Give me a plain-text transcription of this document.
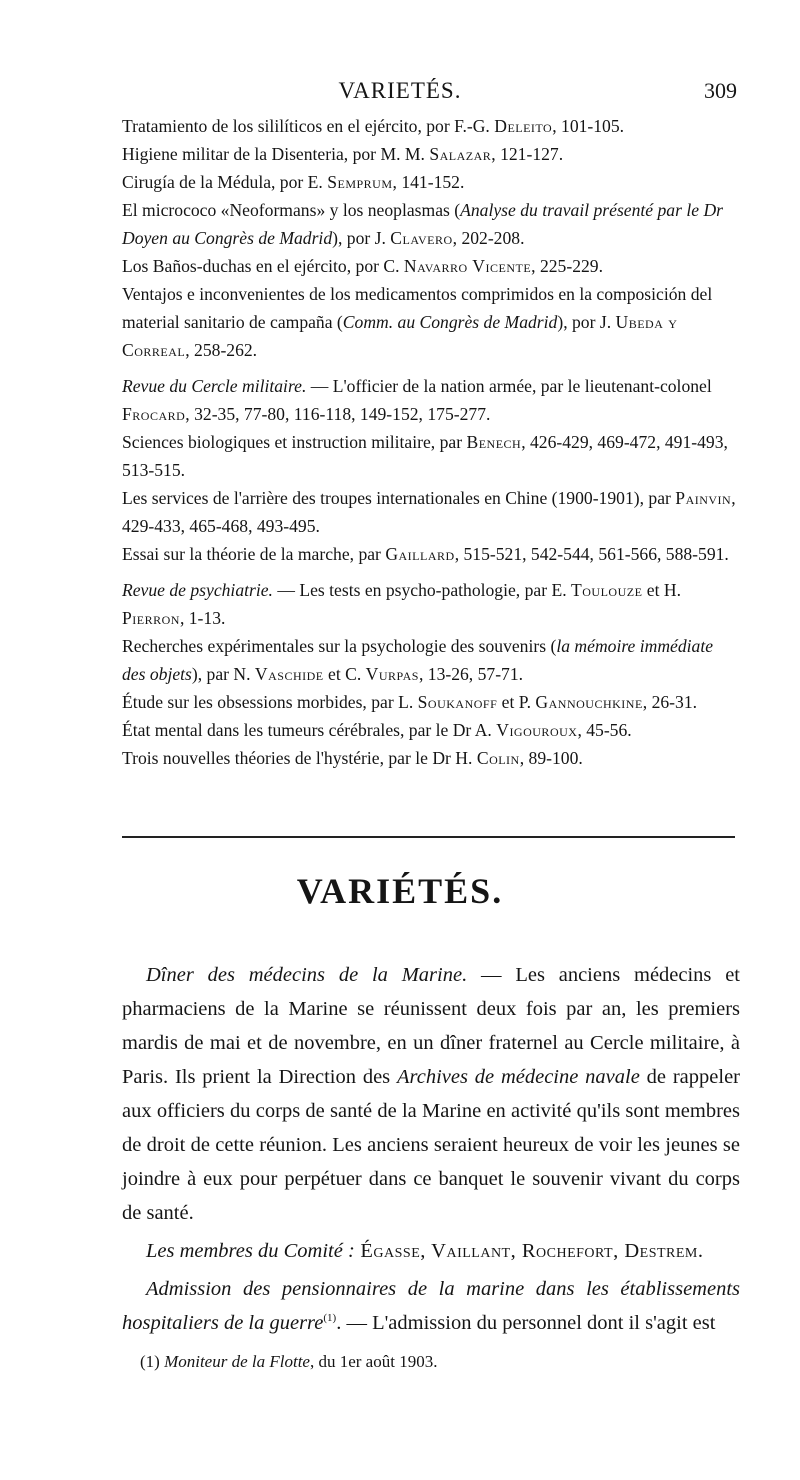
VARIETÉS.	309

Tratamiento de los sililíticos en el ejército, por F.-G. Deleito, 101-105.

Higiene militar de la Disenteria, por M. M. Salazar, 121-127.

Cirugía de la Médula, por E. Semprum, 141-152.

El micrococo «Neoformans» y los neoplasmas (Analyse du travail présenté par le Dr Doyen au Congrès de Madrid), por J. Clavero, 202-208.

Los Baños-duchas en el ejército, por C. Navarro Vicente, 225-229.

Ventajos e inconvenientes de los medicamentos comprimidos en la composición del material sanitario de campaña (Comm. au Congrès de Madrid), por J. Ubeda y Correal, 258-262.

Revue du Cercle militaire. — L'officier de la nation armée, par le lieutenant-colonel Frocard, 32-35, 77-80, 116-118, 149-152, 175-277.

Sciences biologiques et instruction militaire, par Benech, 426-429, 469-472, 491-493, 513-515.

Les services de l'arrière des troupes internationales en Chine (1900-1901), par Painvin, 429-433, 465-468, 493-495.

Essai sur la théorie de la marche, par Gaillard, 515-521, 542-544, 561-566, 588-591.

Revue de psychiatrie. — Les tests en psycho-pathologie, par E. Toulouze et H. Pierron, 1-13.

Recherches expérimentales sur la psychologie des souvenirs (la mémoire immédiate des objets), par N. Vaschide et C. Vurpas, 13-26, 57-71.

Étude sur les obsessions morbides, par L. Soukanoff et P. Gannouchkine, 26-31.

État mental dans les tumeurs cérébrales, par le Dr A. Vigouroux, 45-56.

Trois nouvelles théories de l'hystérie, par le Dr H. Colin, 89-100.

VARIÉTÉS.

Dîner des médecins de la Marine. — Les anciens médecins et pharmaciens de la Marine se réunissent deux fois par an, les premiers mardis de mai et de novembre, en un dîner fraternel au Cercle militaire, à Paris. Ils prient la Direction des Archives de médecine navale de rappeler aux officiers du corps de santé de la Marine en activité qu'ils sont membres de droit de cette réunion. Les anciens seraient heureux de voir les jeunes se joindre à eux pour perpétuer dans ce banquet le souvenir vivant du corps de santé.

Les membres du Comité : Égasse, Vaillant, Rochefort, Destrem.

Admission des pensionnaires de la marine dans les établissements hospitaliers de la guerre$^{(1)}$. — L'admission du personnel dont il s'agit est

(1) Moniteur de la Flotte, du 1er août 1903.
